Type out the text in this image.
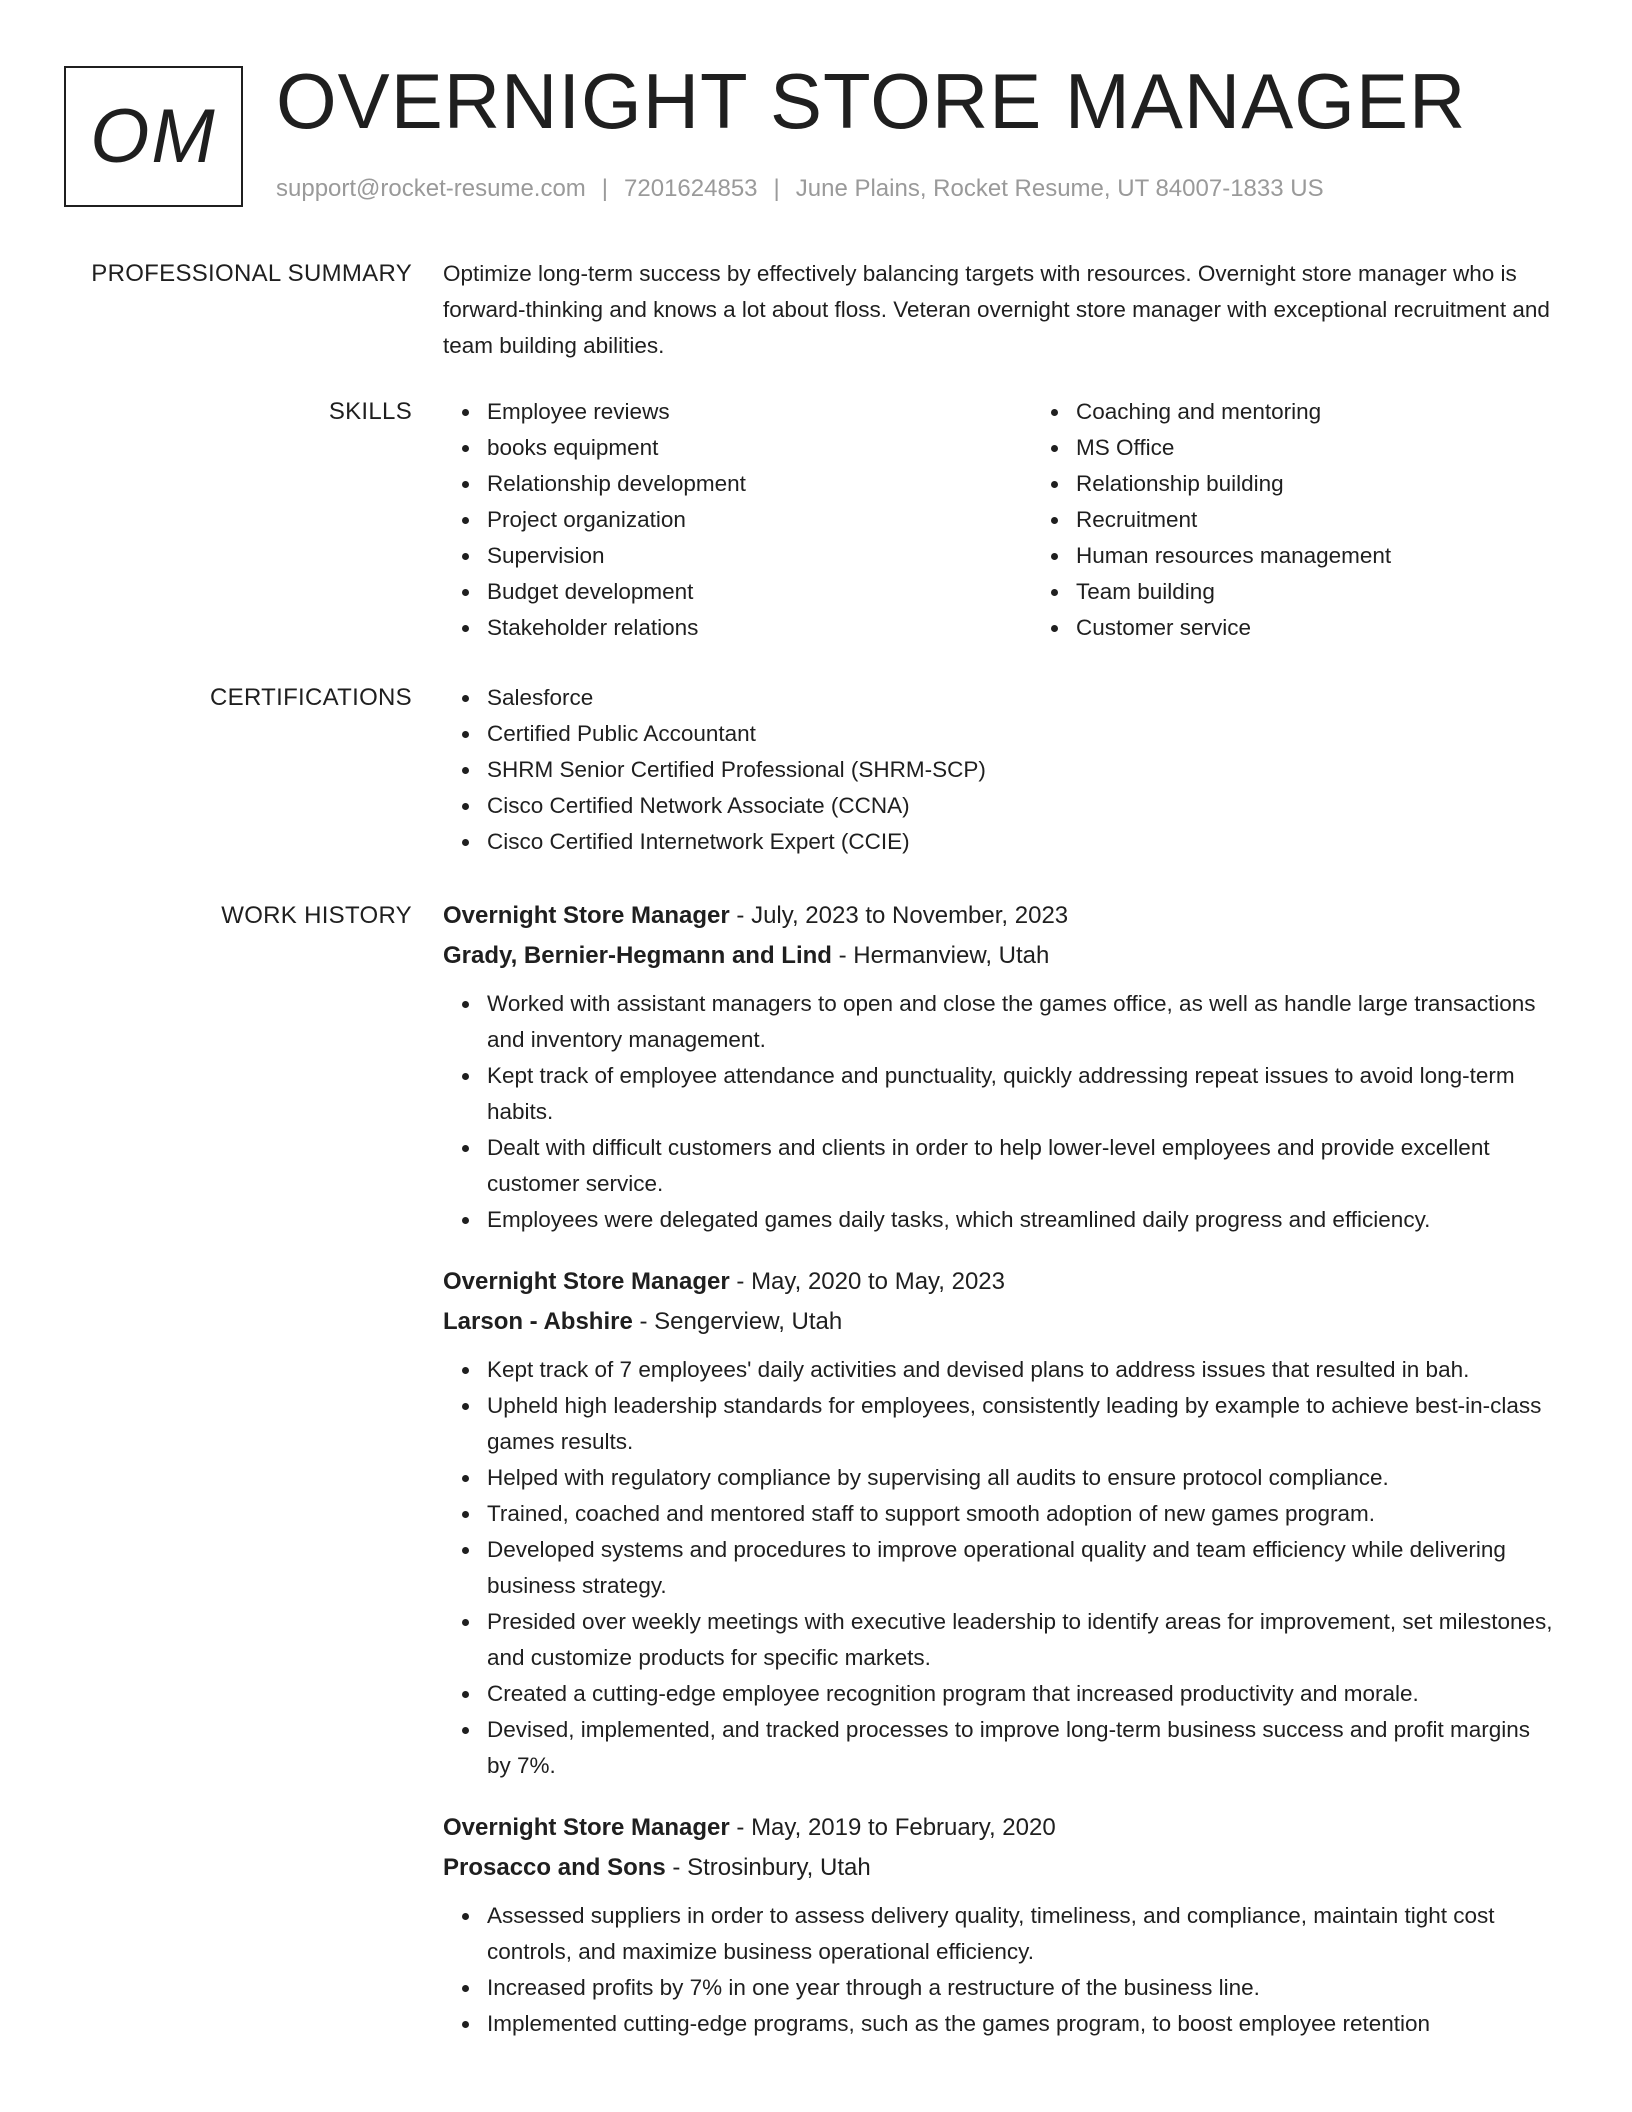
OM OVERNIGHT STORE MANAGER
support@rocket-resume.com | 7201624853 | June Plains, Rocket Resume, UT 84007-1833 US
PROFESSIONAL SUMMARY Optimize long-term success by effectively balancing targets with resources. Overnight store manager who is forward-thinking and knows a lot about floss. Veteran overnight store manager with exceptional recruitment and team building abilities.
SKILLS	Employee reviews
books equipment
Relationship development
Project organization
Supervision
Budget development
Stakeholder relations
Coaching and mentoring
MS Office
Relationship building
Recruitment
Human resources management
Team building
Customer service
CERTIFICATIONS	Salesforce
Certified Public Accountant
SHRM Senior Certified Professional (SHRM-SCP)
Cisco Certified Network Associate (CCNA)
Cisco Certified Internetwork Expert (CCIE)
WORK HISTORY Overnight Store Manager - July, 2023 to November, 2023
Grady, Bernier-Hegmann and Lind - Hermanview, Utah
Worked with assistant managers to open and close the games office, as well as handle large transactions and inventory management.
Kept track of employee attendance and punctuality, quickly addressing repeat issues to avoid long-term habits.
Dealt with difficult customers and clients in order to help lower-level employees and provide excellent customer service.
Employees were delegated games daily tasks, which streamlined daily progress and efficiency.
Overnight Store Manager - May, 2020 to May, 2023
Larson - Abshire - Sengerview, Utah
Kept track of 7 employees' daily activities and devised plans to address issues that resulted in bah.
Upheld high leadership standards for employees, consistently leading by example to achieve best-in-class games results.
Helped with regulatory compliance by supervising all audits to ensure protocol compliance.
Trained, coached and mentored staff to support smooth adoption of new games program.
Developed systems and procedures to improve operational quality and team efficiency while delivering business strategy.
Presided over weekly meetings with executive leadership to identify areas for improvement, set milestones, and customize products for specific markets.
Created a cutting-edge employee recognition program that increased productivity and morale.
Devised, implemented, and tracked processes to improve long-term business success and profit margins by 7%.
Overnight Store Manager - May, 2019 to February, 2020
Prosacco and Sons - Strosinbury, Utah
Assessed suppliers in order to assess delivery quality, timeliness, and compliance, maintain tight cost controls, and maximize business operational efficiency.
Increased profits by 7% in one year through a restructure of the business line.
Implemented cutting-edge programs, such as the games program, to boost employee retention
